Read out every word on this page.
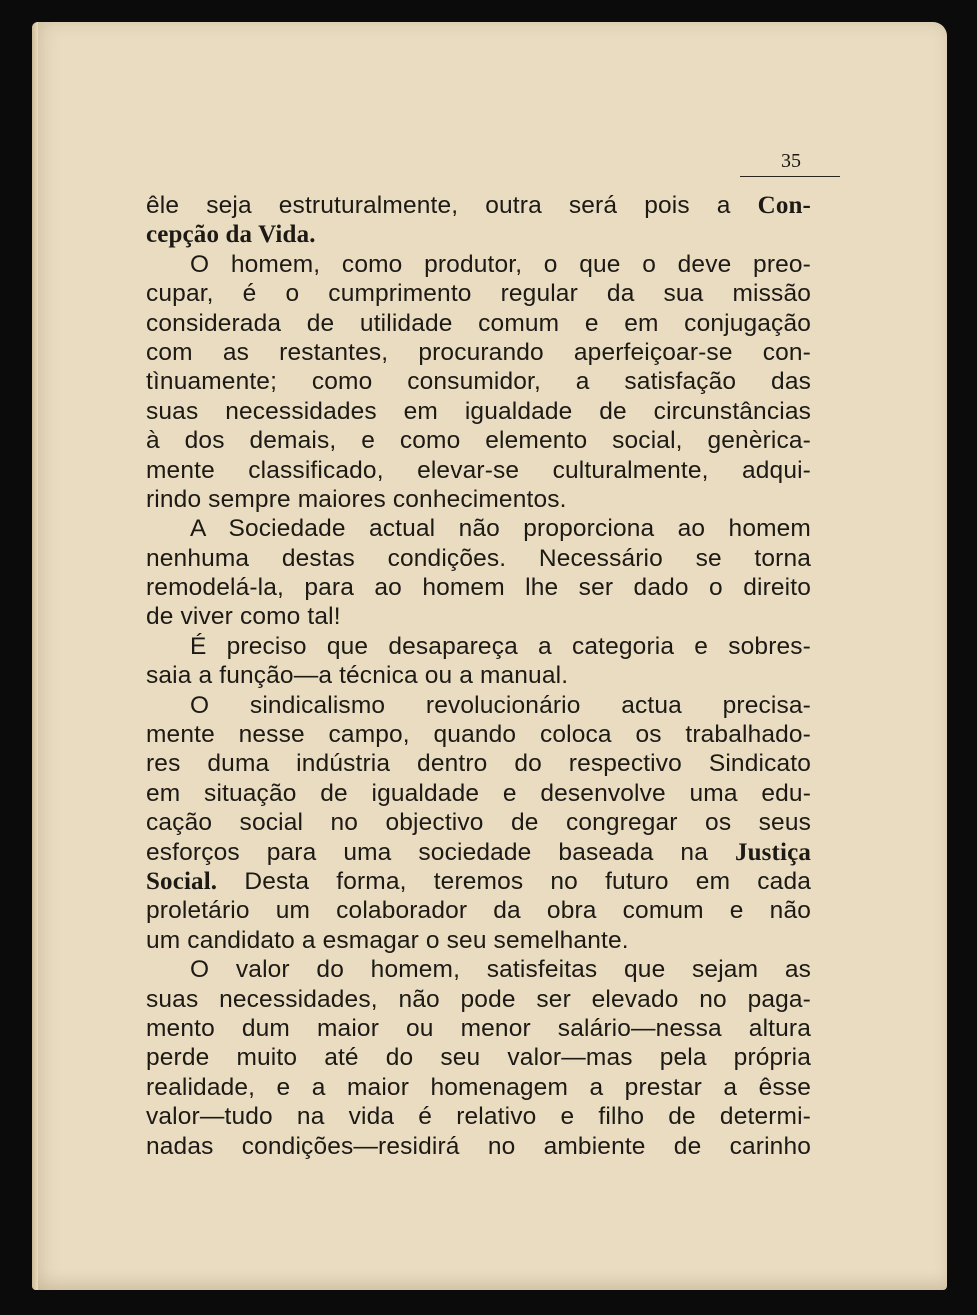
35
êle seja estruturalmente, outra será pois a Con-
cepção da Vida.
O homem, como produtor, o que o deve preo-
cupar, é o cumprimento regular da sua missão
considerada de utilidade comum e em conjugação
com as restantes, procurando aperfeiçoar-se con-
tìnuamente; como consumidor, a satisfação das
suas necessidades em igualdade de circunstâncias
à dos demais, e como elemento social, genèrica-
mente classificado, elevar-se culturalmente, adqui-
rindo sempre maiores conhecimentos.
A Sociedade actual não proporciona ao homem
nenhuma destas condições. Necessário se torna
remodelá-la, para ao homem lhe ser dado o direito
de viver como tal!
É preciso que desapareça a categoria e sobres-
saia a função—a técnica ou a manual.
O sindicalismo revolucionário actua precisa-
mente nesse campo, quando coloca os trabalhado-
res duma indústria dentro do respectivo Sindicato
em situação de igualdade e desenvolve uma edu-
cação social no objectivo de congregar os seus
esforços para uma sociedade baseada na Justiça
Social. Desta forma, teremos no futuro em cada
proletário um colaborador da obra comum e não
um candidato a esmagar o seu semelhante.
O valor do homem, satisfeitas que sejam as
suas necessidades, não pode ser elevado no paga-
mento dum maior ou menor salário—nessa altura
perde muito até do seu valor—mas pela própria
realidade, e a maior homenagem a prestar a êsse
valor—tudo na vida é relativo e filho de determi-
nadas condições—residirá no ambiente de carinho
